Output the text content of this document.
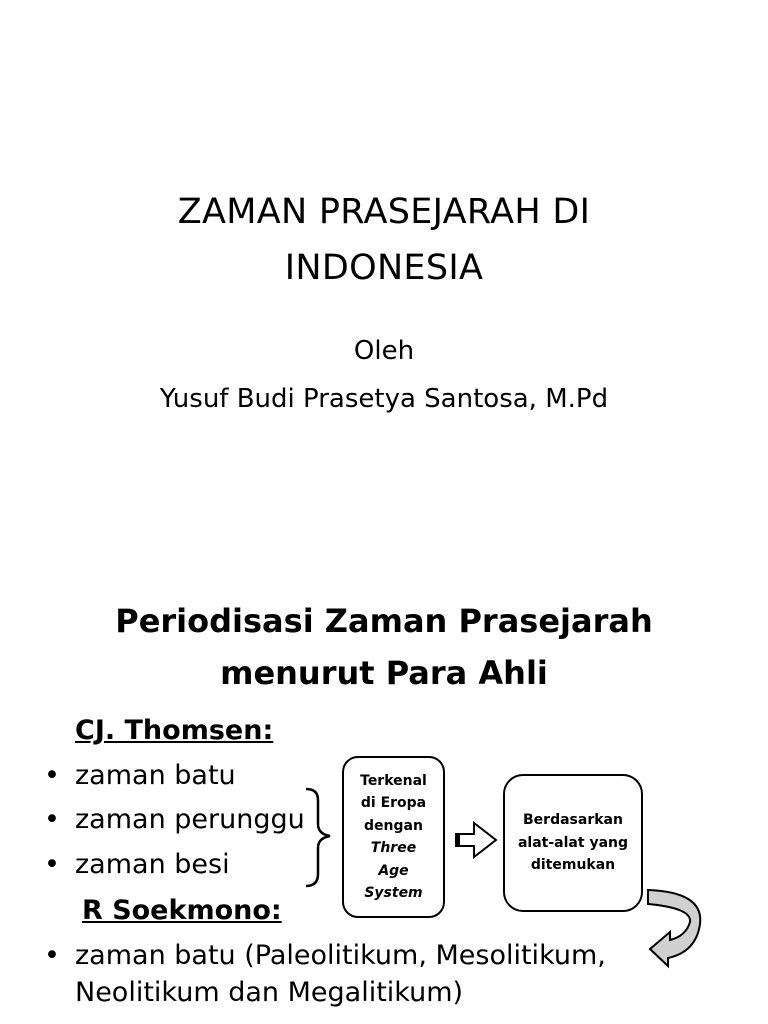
ZAMAN PRASEJARAH DI
INDONESIA
Oleh
Yusuf Budi Prasetya Santosa, M.Pd
Periodisasi Zaman Prasejarah
menurut Para Ahli
CJ. Thomsen:
• zaman batu
• zaman perunggu
• zaman besi
R Soekmono:
• zaman batu (Paleolitikum, Mesolitikum,
Neolitikum dan Megalitikum)
Terkenal
di Eropa
dengan
Three
Age
System
Berdasarkan
alat-alat yang
ditemukan
